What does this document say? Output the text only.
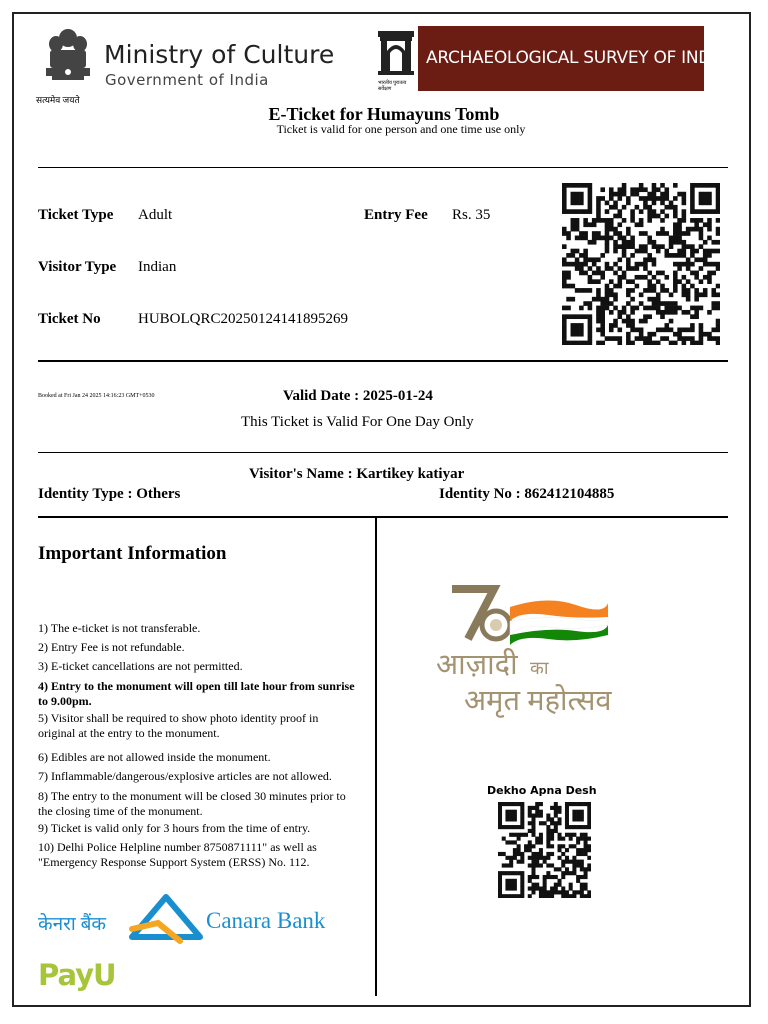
सत्यमेव जयते
Ministry of Culture
Government of India	भारतीय पुरातत्व सर्वेक्षण
ARCHAEOLOGICAL SURVEY OF INDIA
E-Ticket for Humayuns Tomb
Ticket is valid for one person and one time use only
Ticket Type Adult	Entry Fee Rs. 35
Visitor Type Indian
Ticket No HUBOLQRC20250124141895269
Booked at Fri Jan 24 2025 14:16:23 GMT+0530	Valid Date : 2025-01-24
This Ticket is Valid For One Day Only
Visitor's Name : Kartikey katiyar
Identity Type : Others	Identity No : 862412104885
Important Information
1) The e-ticket is not transferable.
2) Entry Fee is not refundable.
3) E-ticket cancellations are not permitted.
4) Entry to the monument will open till late hour from sunrise to 9.00pm.
5) Visitor shall be required to show photo identity proof in original at the entry to the monument.
6) Edibles are not allowed inside the monument.
7) Inflammable/dangerous/explosive articles are not allowed.
8) The entry to the monument will be closed 30 minutes prior to the closing time of the monument.
9) Ticket is valid only for 3 hours from the time of entry.
10) Delhi Police Helpline number 8750871111" as well as "Emergency Response Support System (ERSS) No. 112.
केनरा बैंक	Canara Bank
PayU
आज़ादी का
अमृत महोत्सव
Dekho Apna Desh
